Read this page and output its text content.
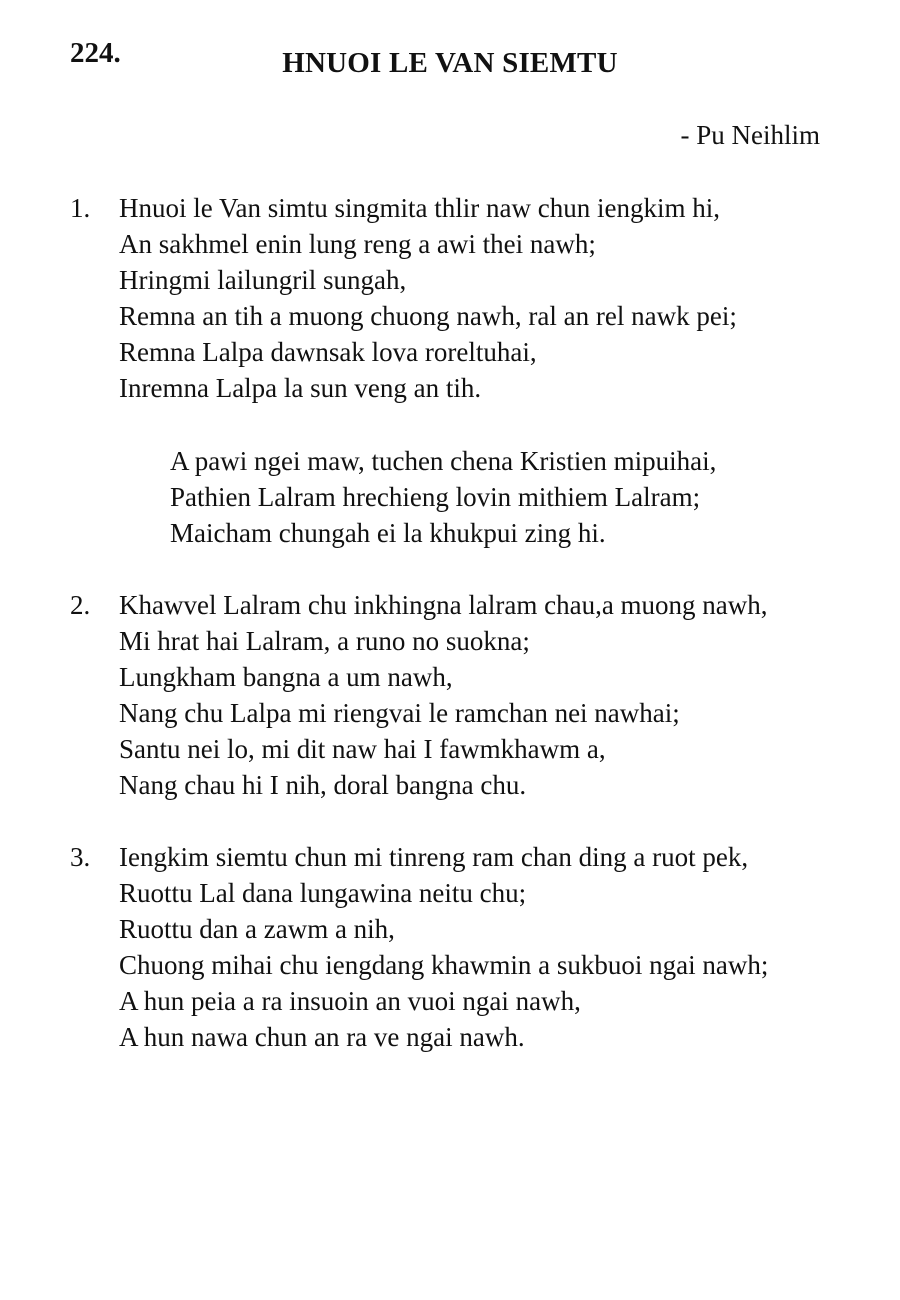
224.	HNUOI LE VAN SIEMTU
- Pu Neihlim
1.	Hnuoi le Van simtu singmita thlir naw chun iengkim hi,
An sakhmel enin lung reng a awi thei nawh;
Hringmi lailungril sungah,
Remna an tih a muong chuong nawh, ral an rel nawk pei;
Remna Lalpa dawnsak lova roreltuhai,
Inremna Lalpa la sun veng an tih.
A pawi ngei maw, tuchen chena Kristien mipuihai,
Pathien Lalram hrechieng lovin mithiem Lalram;
Maicham chungah ei la khukpui zing hi.
2.	Khawvel Lalram chu inkhingna lalram chau,a muong nawh,
Mi hrat hai Lalram, a runo no suokna;
Lungkham bangna a um nawh,
Nang chu Lalpa mi riengvai le ramchan nei nawhai;
Santu nei lo, mi dit naw hai I fawmkhawm a,
Nang chau hi I nih, doral bangna chu.
3.	Iengkim siemtu chun mi tinreng ram chan ding a ruot pek,
Ruottu Lal dana lungawina neitu chu;
Ruottu dan a zawm a nih,
Chuong mihai chu iengdang khawmin a sukbuoi ngai nawh;
A hun peia a ra insuoin an vuoi ngai nawh,
A hun nawa chun an ra ve ngai nawh.
